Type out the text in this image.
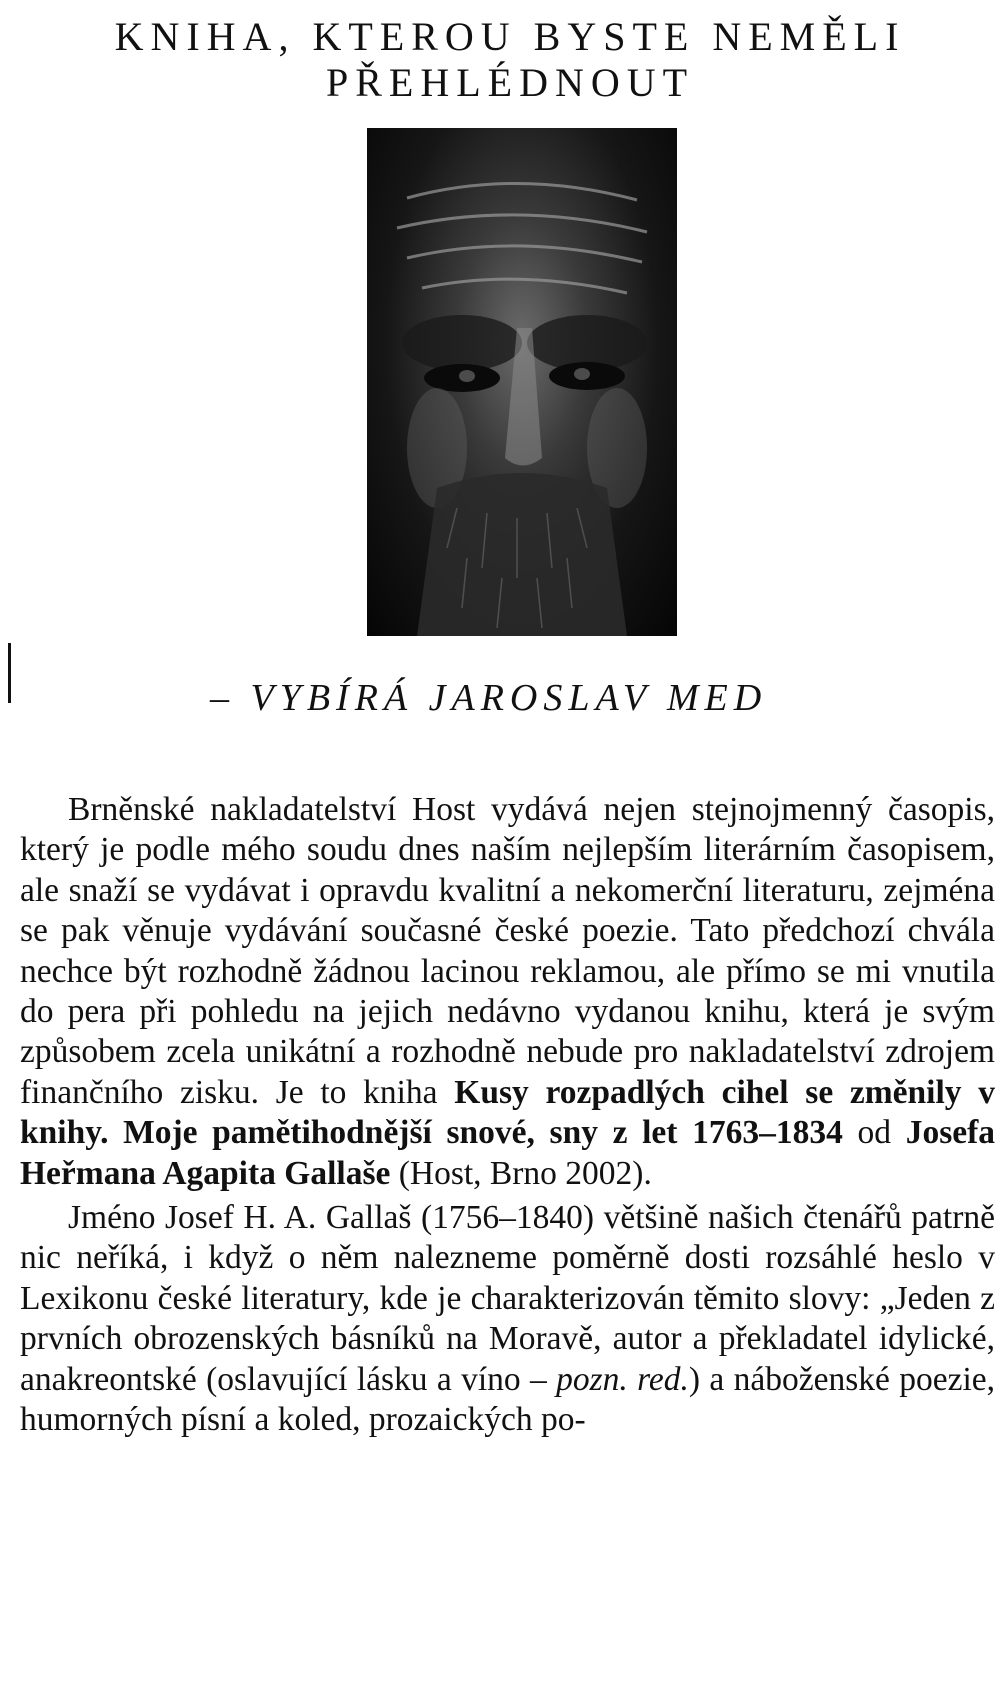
KNIHA, KTEROU BYSTE NEMĚLI
PŘEHLÉDNOUT
– VYBÍRÁ JAROSLAV MED

Brněnské nakladatelství Host vydává nejen stejnojmenný časopis, který je podle mého soudu dnes naším nejlepším literárním časopisem, ale snaží se vydávat i opravdu kvalitní a nekomerční literaturu, zejména se pak věnuje vydávání současné české poezie. Tato předchozí chvála nechce být rozhodně žádnou lacinou reklamou, ale přímo se mi vnutila do pera při pohledu na jejich nedávno vydanou knihu, která je svým způsobem zcela unikátní a rozhodně nebude pro nakladatelství zdrojem finančního zisku. Je to kniha Kusy rozpadlých cihel se změnily v knihy. Moje pamětihodnější snové, sny z let 1763–1834 od Josefa Heřmana Agapita Gallaše (Host, Brno 2002).

Jméno Josef H. A. Gallaš (1756–1840) většině našich čtenářů patrně nic neříká, i když o něm nalezneme poměrně dosti rozsáhlé heslo v Lexikonu české literatury, kde je charakterizován těmito slovy: „Jeden z prvních obrozenských básníků na Moravě, autor a překladatel idylické, anakreontské (oslavující lásku a víno – pozn. red.) a náboženské poezie, humorných písní a koled, prozaických po-
